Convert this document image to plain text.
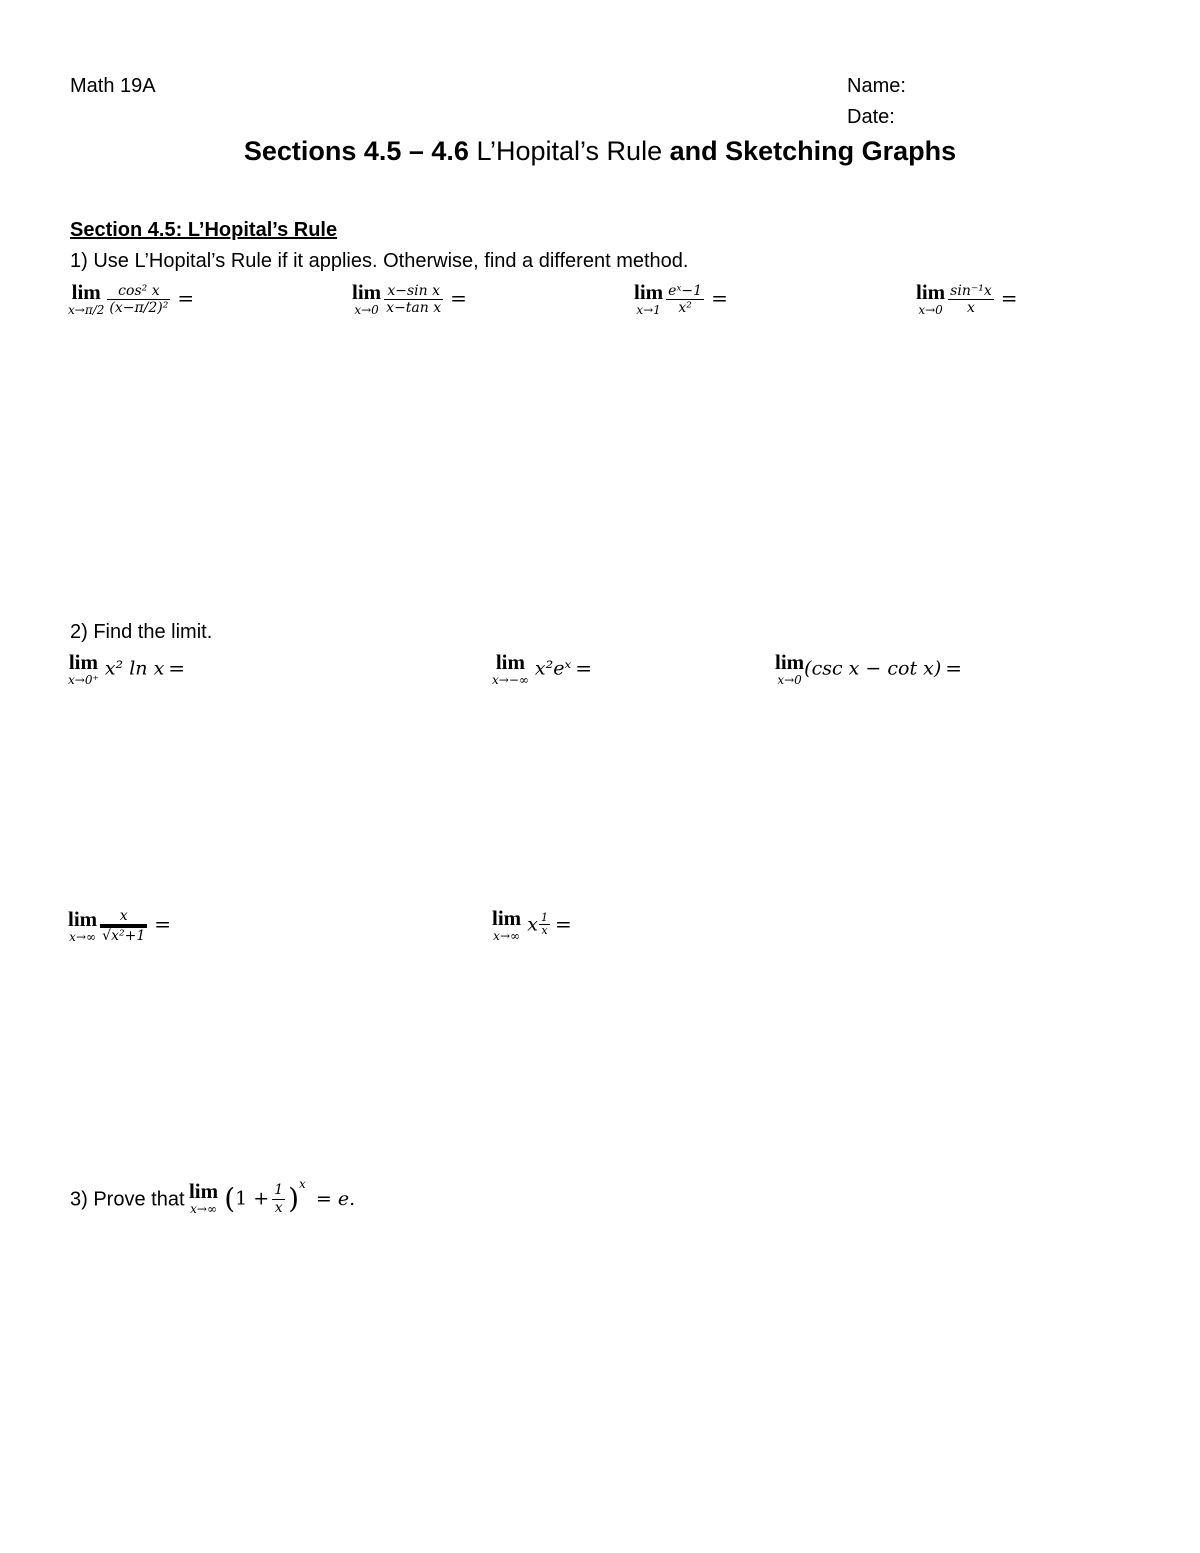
Math 19A	Name:
Date:
Sections 4.5 – 4.6 L’Hopital’s Rule and Sketching Graphs
Section 4.5: L’Hopital’s Rule
1) Use L’Hopital’s Rule if it applies. Otherwise, find a different method.
lim
$x\to\pi/2 \frac{\text{cos² x}}{\text{(x−π/2)²}}$ =	lim
$x\to 0 \frac{\text{x−sin x}}{\text{x−tan x}}$ =	lim
$x\to 1 \frac{\text{eˣ−1}}{\text{x²}}$ =	lim
$x\to 0 \frac{\text{sin⁻¹x}}{x}$ =
2) Find the limit.
lim
x→0⁺
x² ln x =	lim
x→−∞
x²eˣ =	lim
x→0
(csc x − cot x) =
lim
$x\to\infty \frac{x}{\text{√x²+1}}$ =	lim
x→∞
x $\frac{1}{x}$ =
3) Prove that lim
x→∞ $(1 + \frac{1}{x} )^x = e$.
